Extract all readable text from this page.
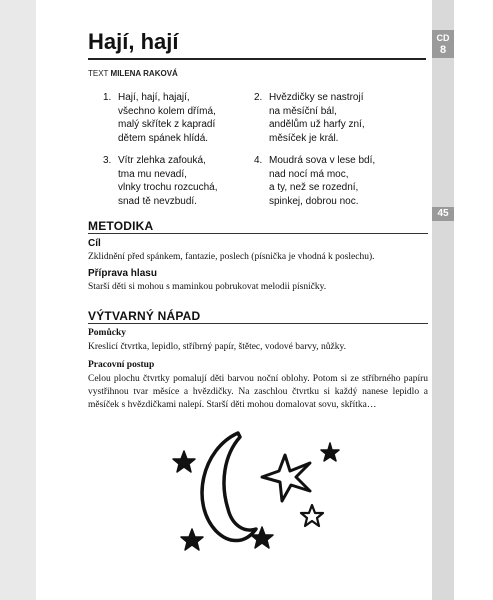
CD
8
45
Hají, hají
TEXT MILENA RAKOVÁ
1. Hají, hají, hajají,
všechno kolem dřímá,
malý skřítek z kapradí
dětem spánek hlídá.
2. Hvězdičky se nastrojí
na měsíční bál,
andělům už harfy zní,
měsíček je král.
3. Vítr zlehka zafouká,
tma mu nevadí,
vlnky trochu rozcuchá,
snad tě nevzbudí.
4. Moudrá sova v lese bdí,
nad nocí má moc,
a ty, než se rozední,
spinkej, dobrou noc.
METODIKA
Cíl
Zklidnění před spánkem, fantazie, poslech (písnička je vhodná k poslechu).
Příprava hlasu
Starší děti si mohou s maminkou pobrukovat melodii písničky.
VÝTVARNÝ NÁPAD
Pomůcky
Kreslicí čtvrtka, lepidlo, stříbrný papír, štětec, vodové barvy, nůžky.
Pracovní postup
Celou plochu čtvrtky pomalují děti barvou noční oblohy. Potom si ze stříbrného papíru vystřihnou tvar měsíce a hvězdičky. Na zaschlou čtvrtku si každý nanese lepidlo a měsíček s hvězdičkami nalepí. Starší děti mohou domalovat sovu, skřítka…
